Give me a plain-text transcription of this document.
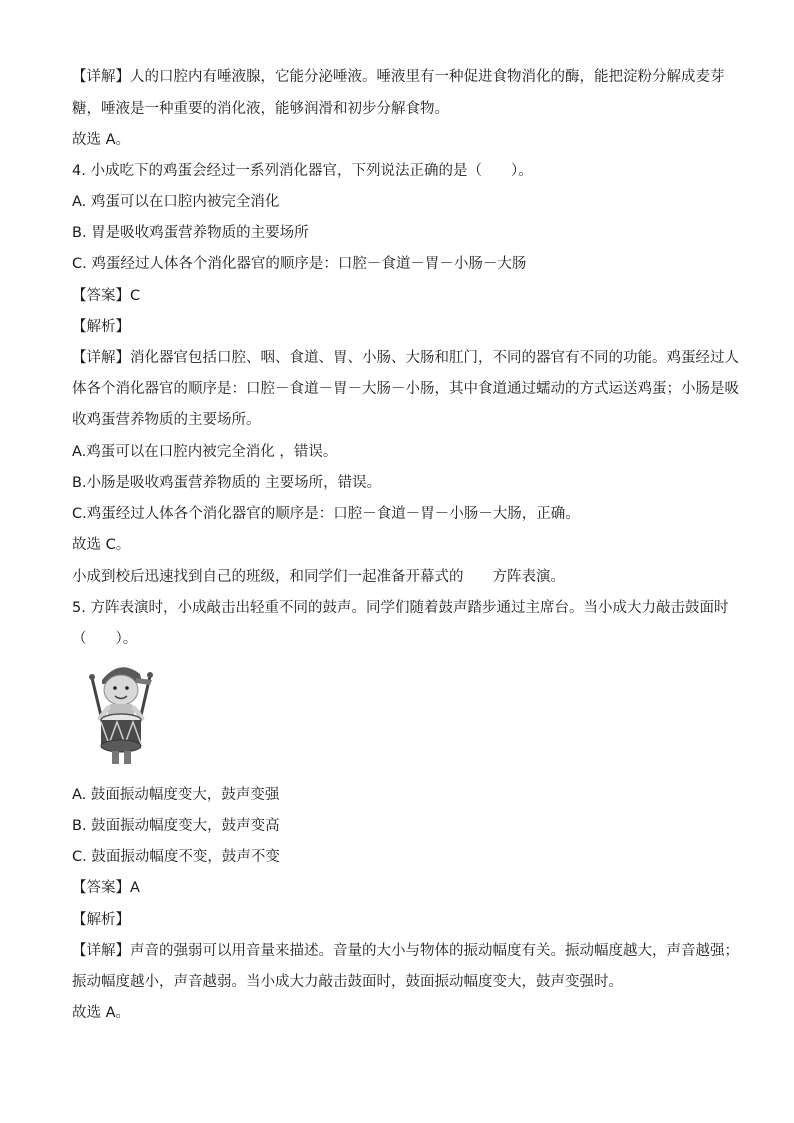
【详解】人的口腔内有唾液腺，它能分泌唾液。唾液里有一种促进食物消化的酶，能把淀粉分解成麦芽
糖，唾液是一种重要的消化液，能够润滑和初步分解食物。
故选 A。
4. 小成吃下的鸡蛋会经过一系列消化器官，下列说法正确的是（　　）。
A. 鸡蛋可以在口腔内被完全消化
B. 胃是吸收鸡蛋营养物质的主要场所
C. 鸡蛋经过人体各个消化器官的顺序是：口腔－食道－胃－小肠－大肠
【答案】C
【解析】
【详解】消化器官包括口腔、咽、食道、胃、小肠、大肠和肛门，不同的器官有不同的功能。鸡蛋经过人
体各个消化器官的顺序是：口腔－食道－胃－大肠－小肠，其中食道通过蠕动的方式运送鸡蛋；小肠是吸
收鸡蛋营养物质的主要场所。
A.鸡蛋可以在口腔内被完全消化 ，错误。
B.小肠是吸收鸡蛋营养物质的 主要场所，错误。
C.鸡蛋经过人体各个消化器官的顺序是：口腔－食道－胃－小肠－大肠，正确。
故选 C。
小成到校后迅速找到自己的班级，和同学们一起准备开幕式的　　方阵表演。
5. 方阵表演时，小成敲击出轻重不同的鼓声。同学们随着鼓声踏步通过主席台。当小成大力敲击鼓面时
（　　）。
A. 鼓面振动幅度变大，鼓声变强
B. 鼓面振动幅度变大，鼓声变高
C. 鼓面振动幅度不变，鼓声不变
【答案】A
【解析】
【详解】声音的强弱可以用音量来描述。音量的大小与物体的振动幅度有关。振动幅度越大，声音越强；
振动幅度越小，声音越弱。当小成大力敲击鼓面时，鼓面振动幅度变大，鼓声变强时。
故选 A。
